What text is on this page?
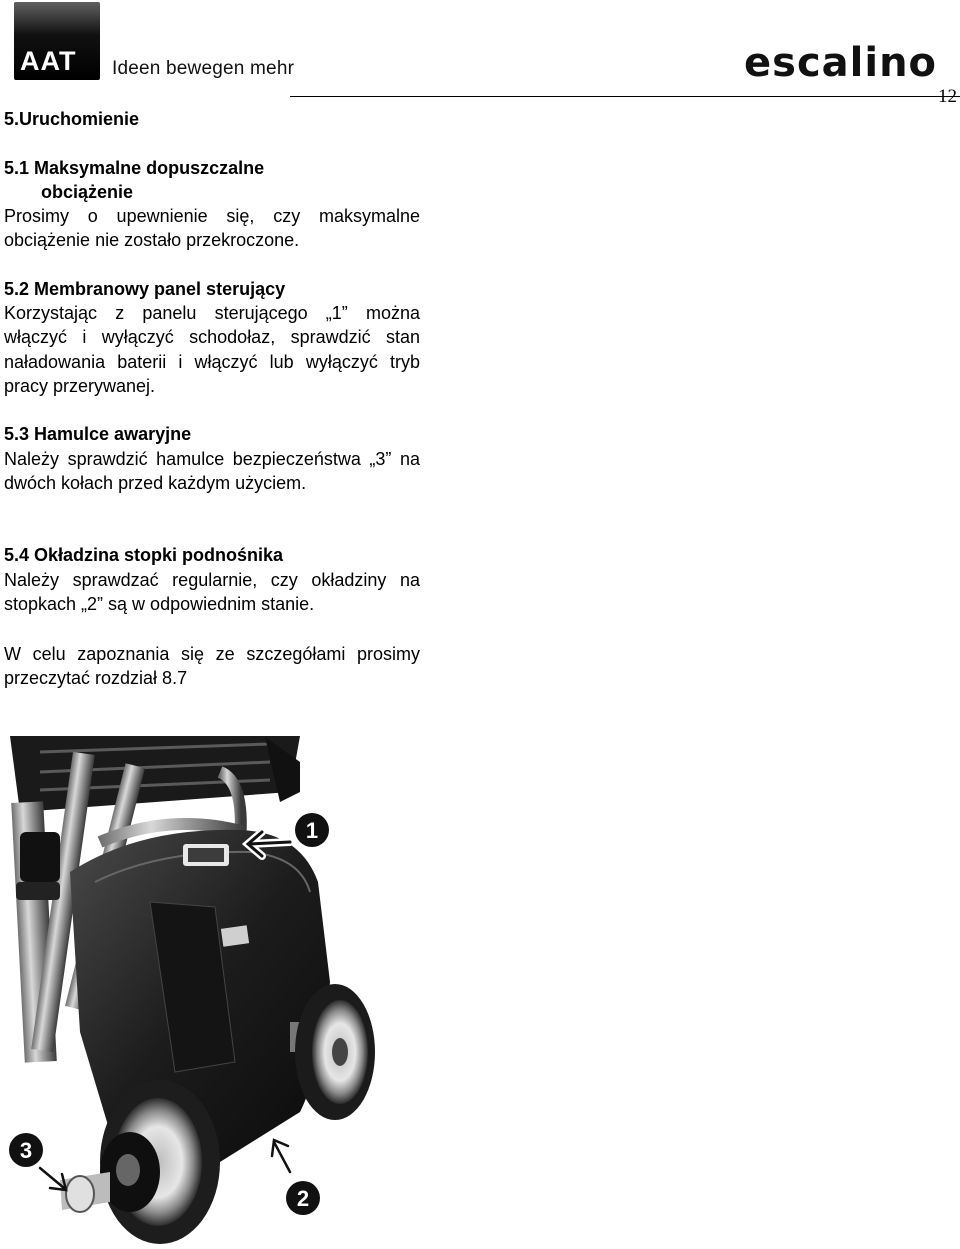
AAT Ideen bewegen mehr	escalino
12
5.Uruchomienie
5.1 Maksymalne dopuszczalne
obciążenie
Prosimy o upewnienie się, czy maksymalne obciążenie nie zostało przekroczone.
5.2 Membranowy panel sterujący
Korzystając z panelu sterującego „1” można włączyć i wyłączyć schodołaz, sprawdzić stan naładowania baterii i włączyć lub wyłączyć tryb pracy przerywanej.
5.3 Hamulce awaryjne
Należy sprawdzić hamulce bezpieczeństwa „3” na dwóch kołach przed każdym użyciem.
5.4 Okładzina stopki podnośnika
Należy sprawdzać regularnie, czy okładziny na stopkach „2” są w odpowiednim stanie.
W celu zapoznania się ze szczegółami prosimy przeczytać rozdział 8.7
1
2
3
